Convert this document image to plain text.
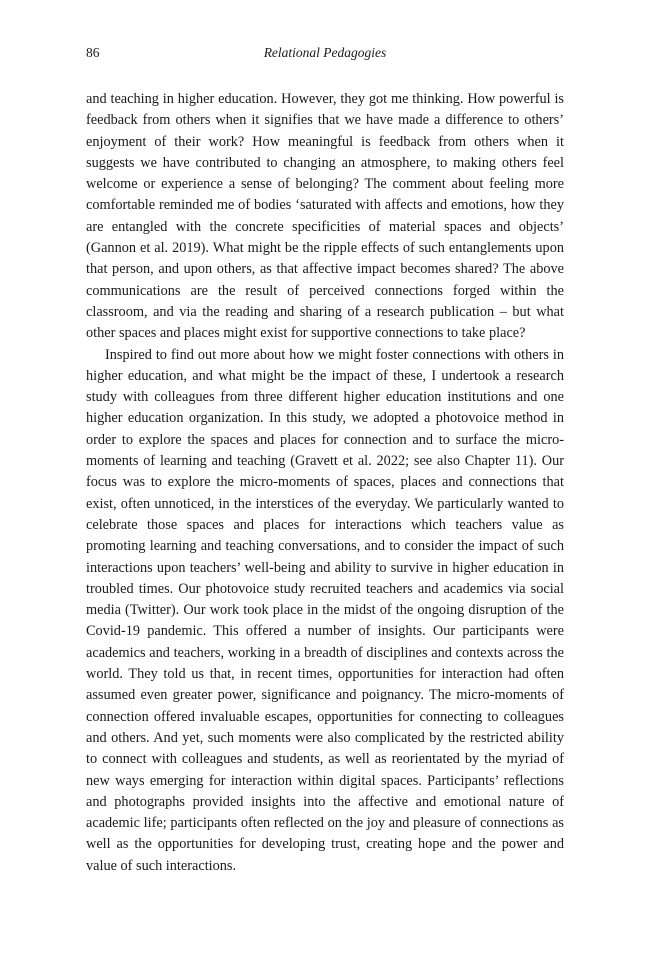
86	Relational Pedagogies

and teaching in higher education. However, they got me thinking. How powerful is feedback from others when it signifies that we have made a difference to others’ enjoyment of their work? How meaningful is feedback from others when it suggests we have contributed to changing an atmosphere, to making others feel welcome or experience a sense of belonging? The comment about feeling more comfortable reminded me of bodies ‘saturated with affects and emotions, how they are entangled with the concrete specificities of material spaces and objects’ (Gannon et al. 2019). What might be the ripple effects of such entanglements upon that person, and upon others, as that affective impact becomes shared? The above communications are the result of perceived connections forged within the classroom, and via the reading and sharing of a research publication – but what other spaces and places might exist for supportive connections to take place?

Inspired to find out more about how we might foster connections with others in higher education, and what might be the impact of these, I undertook a research study with colleagues from three different higher education institutions and one higher education organization. In this study, we adopted a photovoice method in order to explore the spaces and places for connection and to surface the micro-moments of learning and teaching (Gravett et al. 2022; see also Chapter 11). Our focus was to explore the micro-moments of spaces, places and connections that exist, often unnoticed, in the interstices of the everyday. We particularly wanted to celebrate those spaces and places for interactions which teachers value as promoting learning and teaching conversations, and to consider the impact of such interactions upon teachers’ well-being and ability to survive in higher education in troubled times. Our photovoice study recruited teachers and academics via social media (Twitter). Our work took place in the midst of the ongoing disruption of the Covid-19 pandemic. This offered a number of insights. Our participants were academics and teachers, working in a breadth of disciplines and contexts across the world. They told us that, in recent times, opportunities for interaction had often assumed even greater power, significance and poignancy. The micro-moments of connection offered invaluable escapes, opportunities for connecting to colleagues and others. And yet, such moments were also complicated by the restricted ability to connect with colleagues and students, as well as reorientated by the myriad of new ways emerging for interaction within digital spaces. Participants’ reflections and photographs provided insights into the affective and emotional nature of academic life; participants often reflected on the joy and pleasure of connections as well as the opportunities for developing trust, creating hope and the power and value of such interactions.
